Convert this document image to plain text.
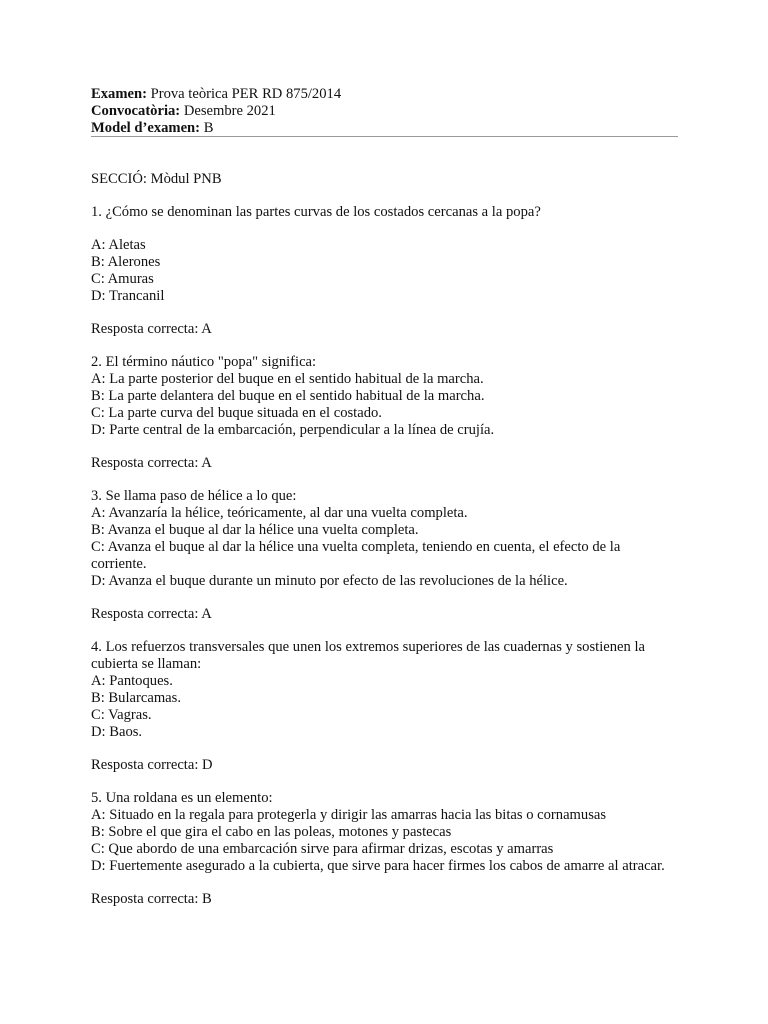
Examen: Prova teòrica PER RD 875/2014
Convocatòria: Desembre 2021
Model d’examen: B
SECCIÓ: Mòdul PNB
1. ¿Cómo se denominan las partes curvas de los costados cercanas a la popa?
A: Aletas
B: Alerones
C: Amuras
D: Trancanil
Resposta correcta: A
2. El término náutico "popa" significa:
A: La parte posterior del buque en el sentido habitual de la marcha.
B: La parte delantera del buque en el sentido habitual de la marcha.
C: La parte curva del buque situada en el costado.
D: Parte central de la embarcación, perpendicular a la línea de crujía.
Resposta correcta: A
3. Se llama paso de hélice a lo que:
A: Avanzaría la hélice, teóricamente, al dar una vuelta completa.
B: Avanza el buque al dar la hélice una vuelta completa.
C: Avanza el buque al dar la hélice una vuelta completa, teniendo en cuenta, el efecto de la corriente.
D: Avanza el buque durante un minuto por efecto de las revoluciones de la hélice.
Resposta correcta: A
4. Los refuerzos transversales que unen los extremos superiores de las cuadernas y sostienen la cubierta se llaman:
A: Pantoques.
B: Bularcamas.
C: Vagras.
D: Baos.
Resposta correcta: D
5. Una roldana es un elemento:
A: Situado en la regala para protegerla y dirigir las amarras hacia las bitas o cornamusas
B: Sobre el que gira el cabo en las poleas, motones y pastecas
C: Que abordo de una embarcación sirve para afirmar drizas, escotas y amarras
D: Fuertemente asegurado a la cubierta, que sirve para hacer firmes los cabos de amarre al atracar.
Resposta correcta: B
